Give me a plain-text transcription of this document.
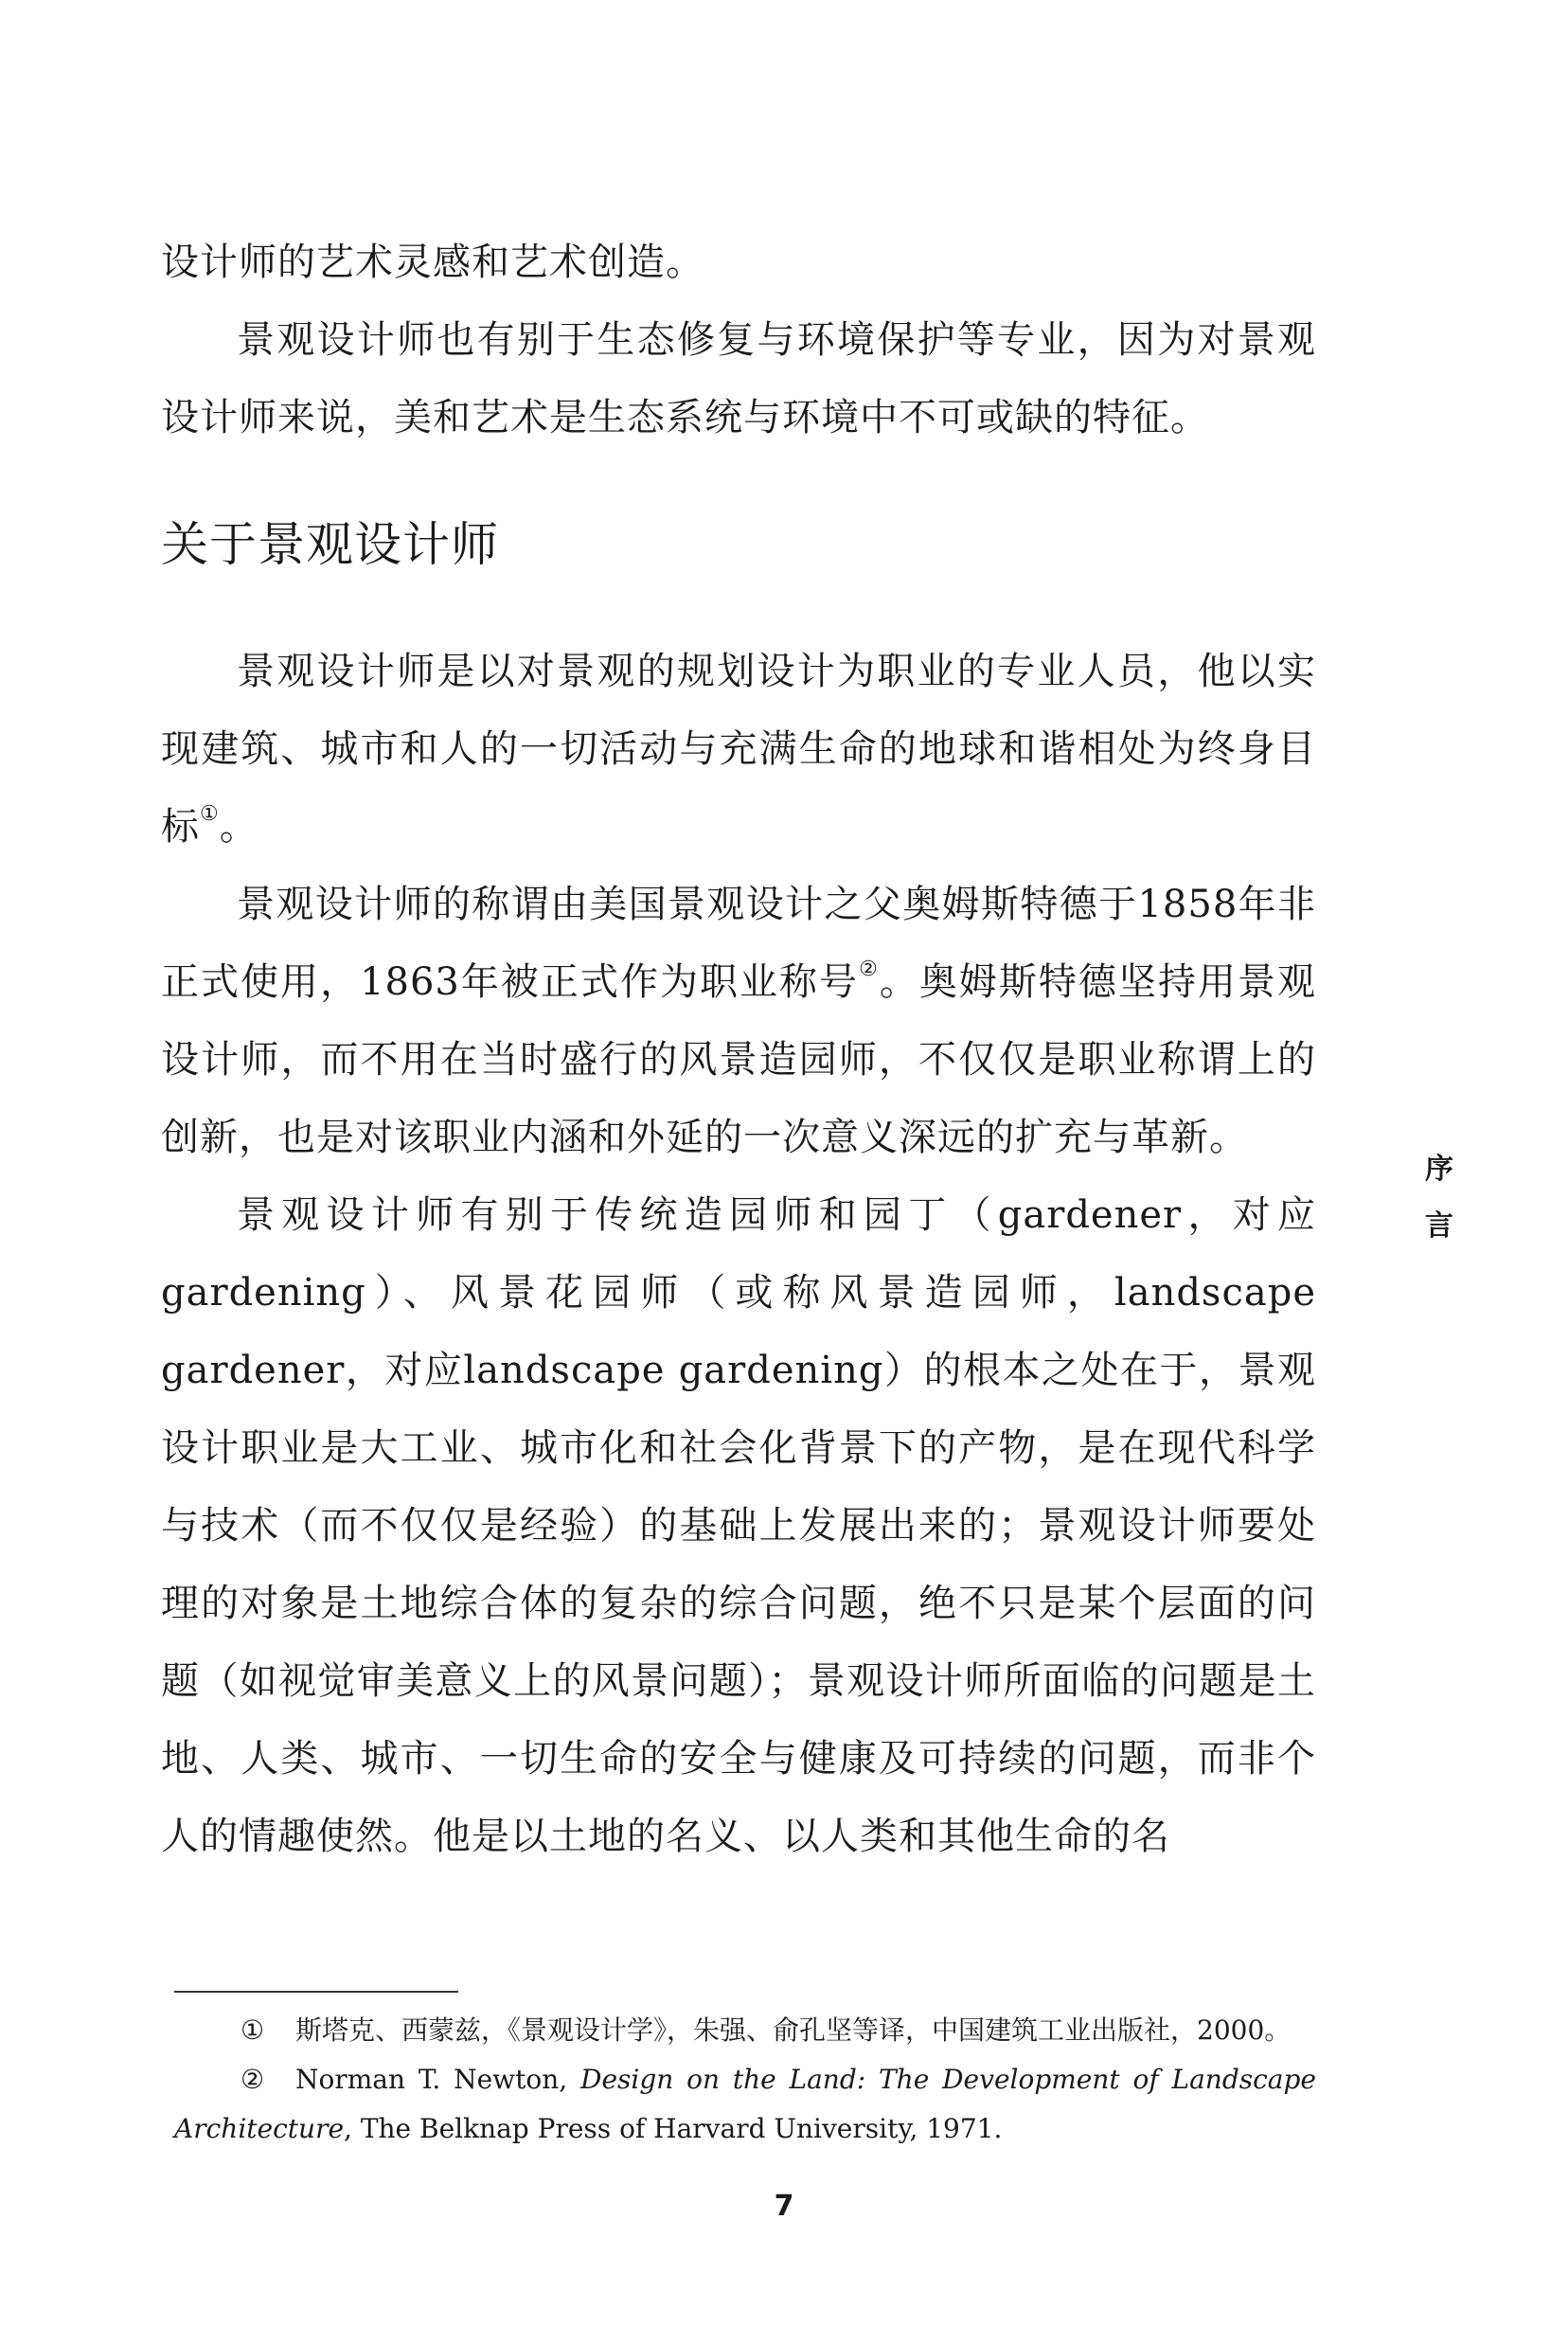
设计师的艺术灵感和艺术创造。

景观设计师也有别于生态修复与环境保护等专业，因为对景观设计师来说，美和艺术是生态系统与环境中不可或缺的特征。

关于景观设计师

景观设计师是以对景观的规划设计为职业的专业人员，他以实现建筑、城市和人的一切活动与充满生命的地球和谐相处为终身目标①。

景观设计师的称谓由美国景观设计之父奥姆斯特德于1858年非正式使用，1863年被正式作为职业称号②。奥姆斯特德坚持用景观设计师，而不用在当时盛行的风景造园师，不仅仅是职业称谓上的创新，也是对该职业内涵和外延的一次意义深远的扩充与革新。

景观设计师有别于传统造园师和园丁（gardener，对应gardening）、风景花园师（或称风景造园师，landscape gardener，对应landscape gardening）的根本之处在于，景观设计职业是大工业、城市化和社会化背景下的产物，是在现代科学与技术（而不仅仅是经验）的基础上发展出来的；景观设计师要处理的对象是土地综合体的复杂的综合问题，绝不只是某个层面的问题（如视觉审美意义上的风景问题）；景观设计师所面临的问题是土地、人类、城市、一切生命的安全与健康及可持续的问题，而非个人的情趣使然。他是以土地的名义、以人类和其他生命的名

序
言

① 斯塔克、西蒙兹，《景观设计学》，朱强、俞孔坚等译，中国建筑工业出版社，2000。

② Norman T. Newton, Design on the Land: The Development of Landscape Architecture, The Belknap Press of Harvard University, 1971.

7
